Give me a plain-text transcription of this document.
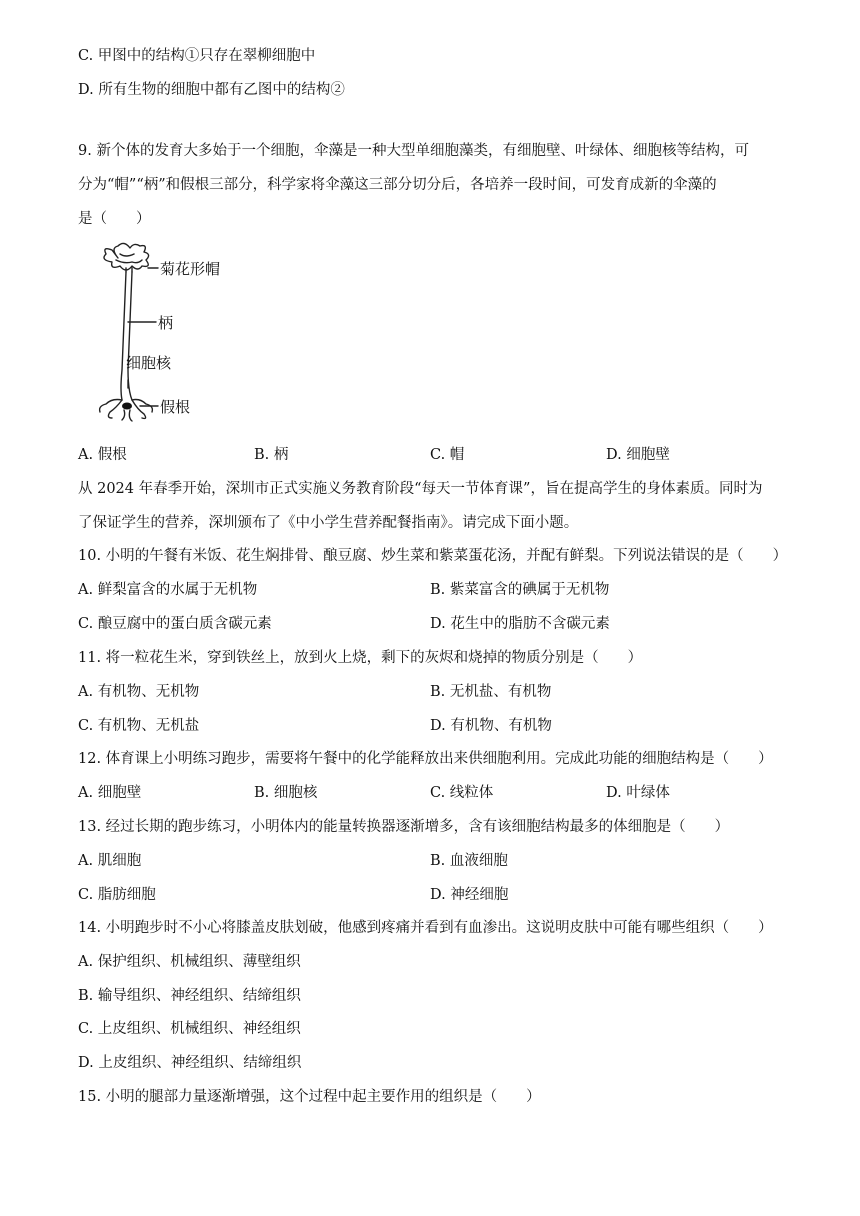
C. 甲图中的结构①只存在翠柳细胞中
D. 所有生物的细胞中都有乙图中的结构②
9. 新个体的发育大多始于一个细胞，伞藻是一种大型单细胞藻类，有细胞壁、叶绿体、细胞核等结构，可
分为“帽”“柄”和假根三部分，科学家将伞藻这三部分切分后，各培养一段时间，可发育成新的伞藻的
是（　　）
菊花形帽
柄
细胞核
假根
A. 假根	B. 柄	C. 帽	D. 细胞壁
从 2024 年春季开始，深圳市正式实施义务教育阶段“每天一节体育课”，旨在提高学生的身体素质。同时为
了保证学生的营养，深圳颁布了《中小学生营养配餐指南》。请完成下面小题。
10. 小明的午餐有米饭、花生焖排骨、酿豆腐、炒生菜和紫菜蛋花汤，并配有鲜梨。下列说法错误的是（　　）
A. 鲜梨富含的水属于无机物	B. 紫菜富含的碘属于无机物
C. 酿豆腐中的蛋白质含碳元素	D. 花生中的脂肪不含碳元素
11. 将一粒花生米，穿到铁丝上，放到火上烧，剩下的灰烬和烧掉的物质分别是（　　）
A. 有机物、无机物	B. 无机盐、有机物
C. 有机物、无机盐	D. 有机物、有机物
12. 体育课上小明练习跑步，需要将午餐中的化学能释放出来供细胞利用。完成此功能的细胞结构是（　　）
A. 细胞壁	B. 细胞核	C. 线粒体	D. 叶绿体
13. 经过长期的跑步练习，小明体内的能量转换器逐渐增多，含有该细胞结构最多的体细胞是（　　）
A. 肌细胞	B. 血液细胞
C. 脂肪细胞	D. 神经细胞
14. 小明跑步时不小心将膝盖皮肤划破，他感到疼痛并看到有血渗出。这说明皮肤中可能有哪些组织（　　）
A. 保护组织、机械组织、薄壁组织
B. 输导组织、神经组织、结缔组织
C. 上皮组织、机械组织、神经组织
D. 上皮组织、神经组织、结缔组织
15. 小明的腿部力量逐渐增强，这个过程中起主要作用的组织是（　　）
